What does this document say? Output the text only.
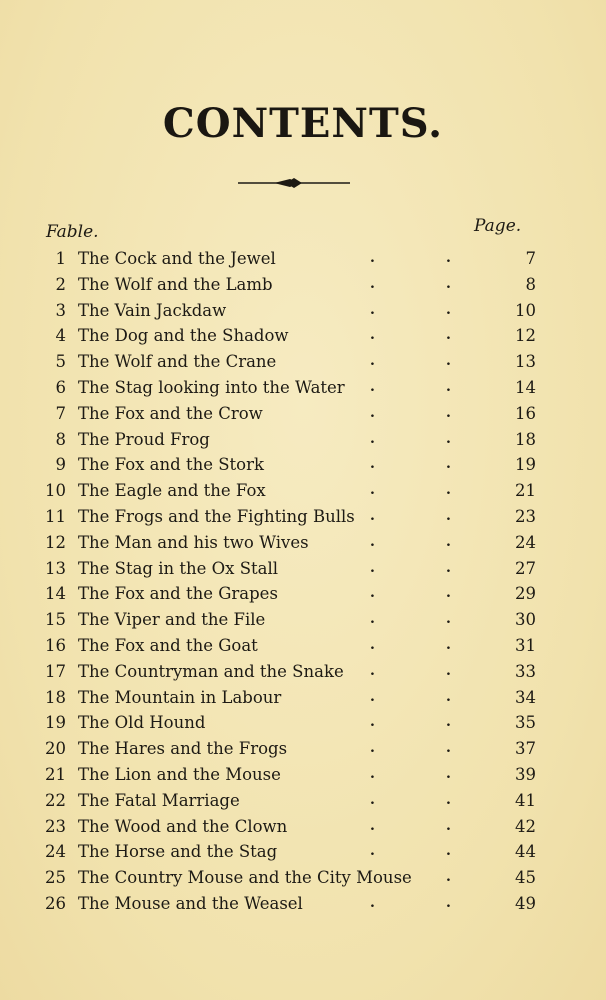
CONTENTS.
Fable.	Page.
1 The Cock and the Jewel	.	.	7
2 The Wolf and the Lamb	.	.	8
3 The Vain Jackdaw	.	.	10
4 The Dog and the Shadow	.	.	12
5 The Wolf and the Crane	.	.	13
6 The Stag looking into the Water .	.	14
7 The Fox and the Crow	.	.	16
8 The Proud Frog	.	.	18
9 The Fox and the Stork	.	.	19
10 The Eagle and the Fox	.	.	21
11 The Frogs and the Fighting Bulls .	.	23
12 The Man and his two Wives	.	.	24
13 The Stag in the Ox Stall	.	.	27
14 The Fox and the Grapes	.	.	29
15 The Viper and the File	.	.	30
16 The Fox and the Goat	.	.	31
17 The Countryman and the Snake .	.	33
18 The Mountain in Labour	.	.	34
19 The Old Hound	.	.	35
20 The Hares and the Frogs	.	.	37
21 The Lion and the Mouse	.	.	39
22 The Fatal Marriage	.	.	41
23 The Wood and the Clown	.	.	42
24 The Horse and the Stag	.	.	44
25 The Country Mouse and the City Mouse .	45
26 The Mouse and the Weasel	.	.	49
